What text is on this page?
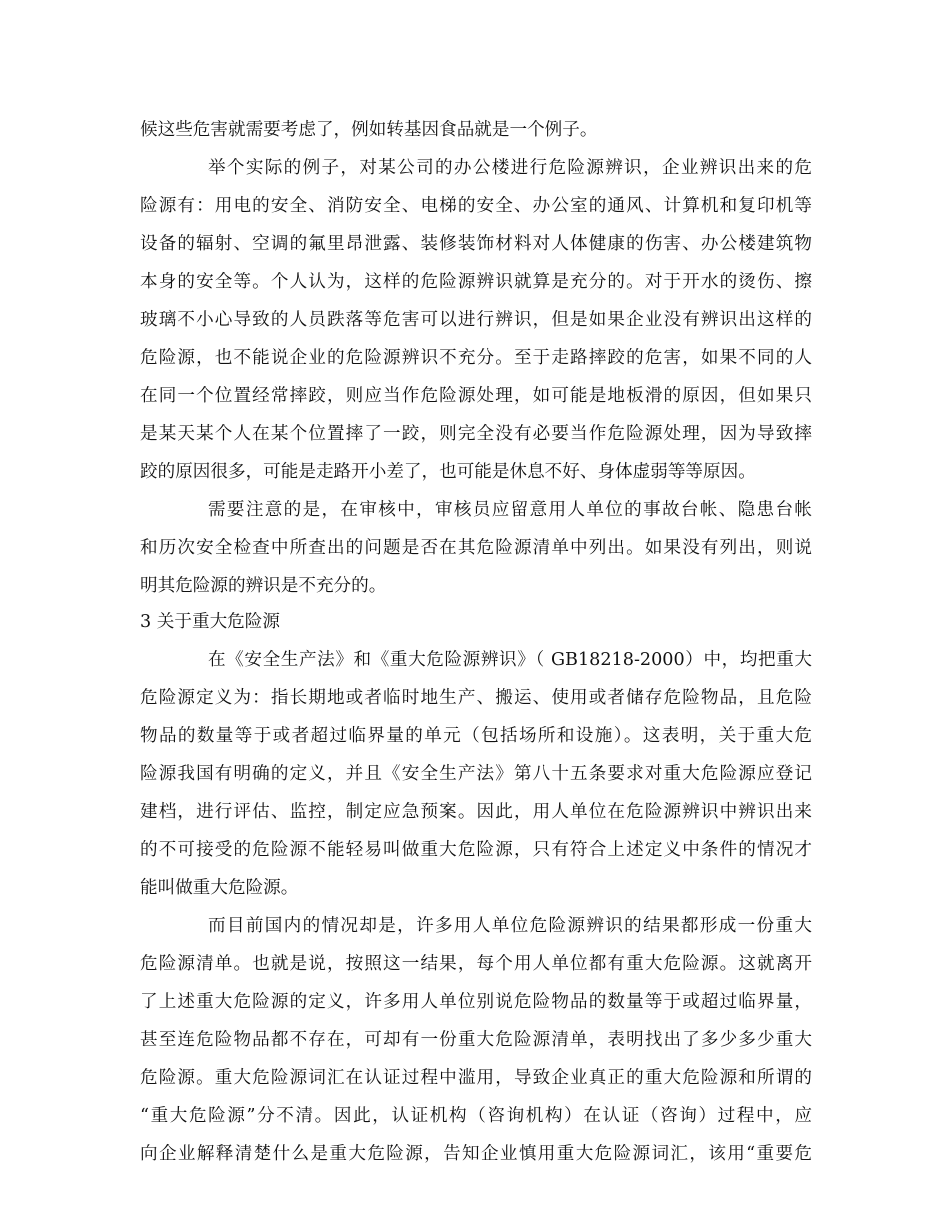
候这些危害就需要考虑了，例如转基因食品就是一个例子。
举个实际的例子，对某公司的办公楼进行危险源辨识，企业辨识出来的危
险源有：用电的安全、消防安全、电梯的安全、办公室的通风、计算机和复印机等
设备的辐射、空调的氟里昂泄露、装修装饰材料对人体健康的伤害、办公楼建筑物
本身的安全等。个人认为，这样的危险源辨识就算是充分的。对于开水的烫伤、擦
玻璃不小心导致的人员跌落等危害可以进行辨识，但是如果企业没有辨识出这样的
危险源，也不能说企业的危险源辨识不充分。至于走路摔跤的危害，如果不同的人
在同一个位置经常摔跤，则应当作危险源处理，如可能是地板滑的原因，但如果只
是某天某个人在某个位置摔了一跤，则完全没有必要当作危险源处理，因为导致摔
跤的原因很多，可能是走路开小差了，也可能是休息不好、身体虚弱等等原因。
需要注意的是，在审核中，审核员应留意用人单位的事故台帐、隐患台帐
和历次安全检查中所查出的问题是否在其危险源清单中列出。如果没有列出，则说
明其危险源的辨识是不充分的。
3 关于重大危险源
在《安全生产法》和《重大危险源辨识》（ GB18218-2000）中，均把重大
危险源定义为：指长期地或者临时地生产、搬运、使用或者储存危险物品，且危险
物品的数量等于或者超过临界量的单元（包括场所和设施）。这表明，关于重大危
险源我国有明确的定义，并且《安全生产法》第八十五条要求对重大危险源应登记
建档，进行评估、监控，制定应急预案。因此，用人单位在危险源辨识中辨识出来
的不可接受的危险源不能轻易叫做重大危险源，只有符合上述定义中条件的情况才
能叫做重大危险源。
而目前国内的情况却是，许多用人单位危险源辨识的结果都形成一份重大
危险源清单。也就是说，按照这一结果，每个用人单位都有重大危险源。这就离开
了上述重大危险源的定义，许多用人单位别说危险物品的数量等于或超过临界量，
甚至连危险物品都不存在，可却有一份重大危险源清单，表明找出了多少多少重大
危险源。重大危险源词汇在认证过程中滥用，导致企业真正的重大危险源和所谓的
“重大危险源”分不清。因此，认证机构（咨询机构）在认证（咨询）过程中，应
向企业解释清楚什么是重大危险源，告知企业慎用重大危险源词汇，该用“重要危
